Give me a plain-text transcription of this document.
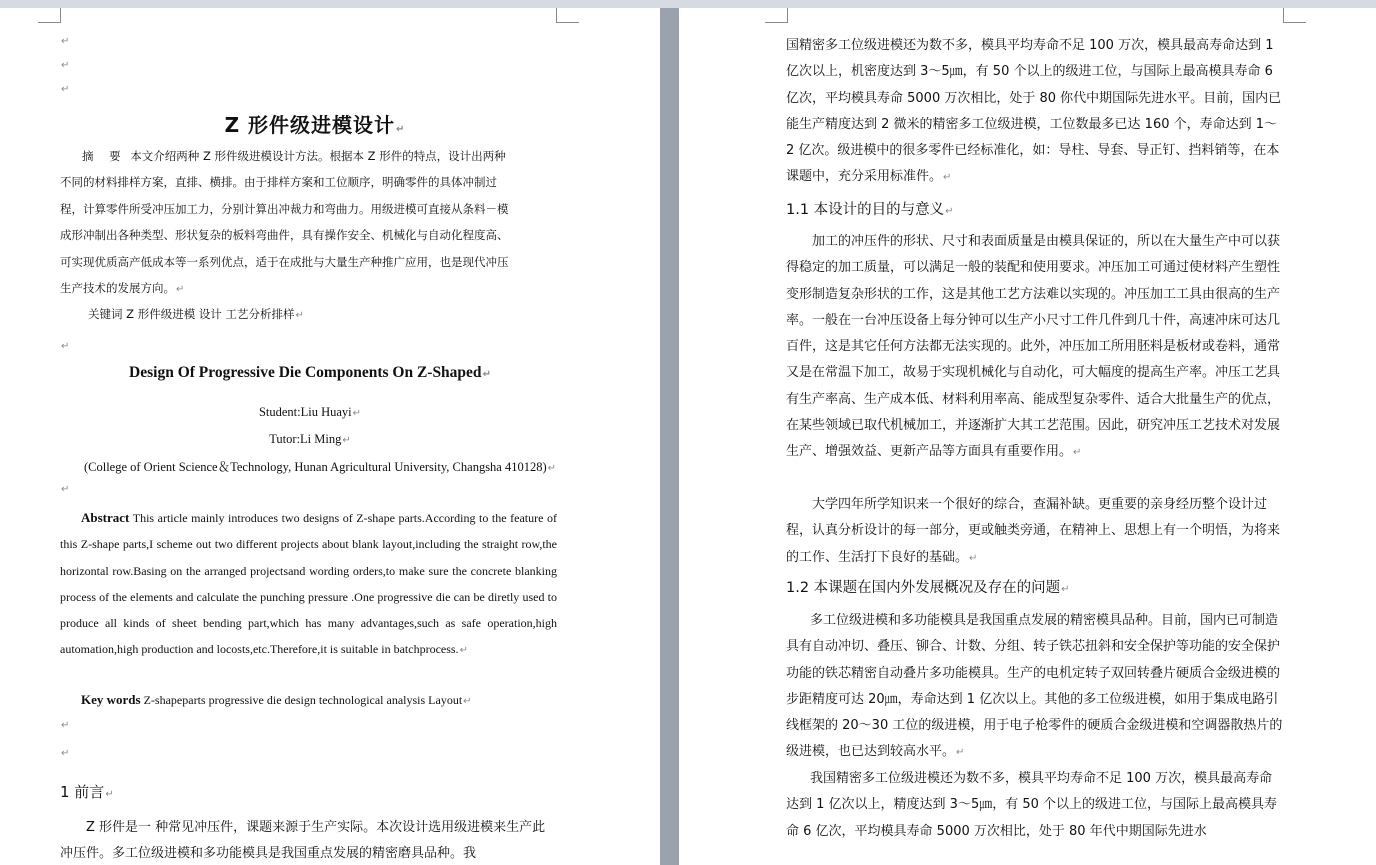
↵
↵
↵
Z 形件级进模设计 ↵
摘 要 本文介绍两种 Z 形件级进模设计方法。根据本 Z 形件的特点，设计出两种不同的材料排样方案，直排、横排。由于排样方案和工位顺序，明确零件的具体冲制过程，计算零件所受冲压加工力，分别计算出冲裁力和弯曲力。用级进模可直接从条料－模成形冲制出各种类型、形状复杂的板料弯曲件，具有操作安全、机械化与自动化程度高、可实现优质高产低成本等一系列优点，适于在成批与大量生产种推广应用，也是现代冲压生产技术的发展方向。 ↵
关键词 Z 形件级进模 设计 工艺分析排样 ↵
↵
Design Of Progressive Die Components On Z-Shaped ↵
Student:Liu Huayi ↵
Tutor:Li Ming ↵
(College of Orient Science＆Technology, Hunan Agricultural University, Changsha 410128) ↵
↵
Abstract This article mainly introduces two designs of Z-shape parts.According to the feature of this Z-shape parts,I scheme out two different projects about blank layout,including the straight row,the horizontal row.Basing on the arranged projectsand wording orders,to make sure the concrete blanking process of the elements and calculate the punching pressure .One progressive die can be diretly used to produce all kinds of sheet bending part,which has many advantages,such as safe operation,high automation,high production and locosts,etc.Therefore,it is suitable in batchprocess. ↵
Key words Z-shapeparts progressive die design technological analysis Layout ↵
↵
↵
1 前言 ↵
Z 形件是一 种常见冲压件，课题来源于生产实际。本次设计选用级进模来生产此冲压件。多工位级进模和多功能模具是我国重点发展的精密磨具品种。我
国精密多工位级进模还为数不多，模具平均寿命不足 100 万次，模具最高寿命达到 1 亿次以上，机密度达到 3～5㎛，有 50 个以上的级进工位，与国际上最高模具寿命 6 亿次，平均模具寿命 5000 万次相比，处于 80 你代中期国际先进水平。目前，国内已能生产精度达到 2 微米的精密多工位级进模，工位数最多已达 160 个，寿命达到 1～2 亿次。级进模中的很多零件已经标准化，如：导柱、导套、导正钉、挡料销等，在本课题中，充分采用标准件。 ↵
1.1 本设计的目的与意义 ↵
加工的冲压件的形状、尺寸和表面质量是由模具保证的，所以在大量生产中可以获得稳定的加工质量，可以满足一般的装配和使用要求。冲压加工可通过使材料产生塑性变形制造复杂形状的工作，这是其他工艺方法难以实现的。冲压加工工具由很高的生产率。一般在一台冲压设备上每分钟可以生产小尺寸工件几件到几十件，高速冲床可达几百件，这是其它任何方法都无法实现的。此外，冲压加工所用胚料是板材或卷料，通常又是在常温下加工，故易于实现机械化与自动化，可大幅度的提高生产率。冲压工艺具有生产率高、生产成本低、材料利用率高、能成型复杂零件、适合大批量生产的优点，在某些领域已取代机械加工，并逐渐扩大其工艺范围。因此，研究冲压工艺技术对发展生产、增强效益、更新产品等方面具有重要作用。 ↵
大学四年所学知识来一个很好的综合，查漏补缺。更重要的亲身经历整个设计过程，认真分析设计的每一部分，更或触类旁通，在精神上、思想上有一个明悟，为将来的工作、生活打下良好的基础。 ↵
1.2 本课题在国内外发展概况及存在的问题 ↵
多工位级进模和多功能模具是我国重点发展的精密模具品种。目前，国内已可制造具有自动冲切、叠压、铆合、计数、分组、转子铁芯扭斜和安全保护等功能的安全保护功能的铁芯精密自动叠片多功能模具。生产的电机定转子双回转叠片硬质合金级进模的步距精度可达 20㎛，寿命达到 1 亿次以上。其他的多工位级进模，如用于集成电路引线框架的 20～30 工位的级进模，用于电子枪零件的硬质合金级进模和空调器散热片的级进模，也已达到较高水平。 ↵
我国精密多工位级进模还为数不多，模具平均寿命不足 100 万次，模具最高寿命达到 1 亿次以上，精度达到 3～5㎛，有 50 个以上的级进工位，与国际上最高模具寿命 6 亿次，平均模具寿命 5000 万次相比，处于 80 年代中期国际先进水
